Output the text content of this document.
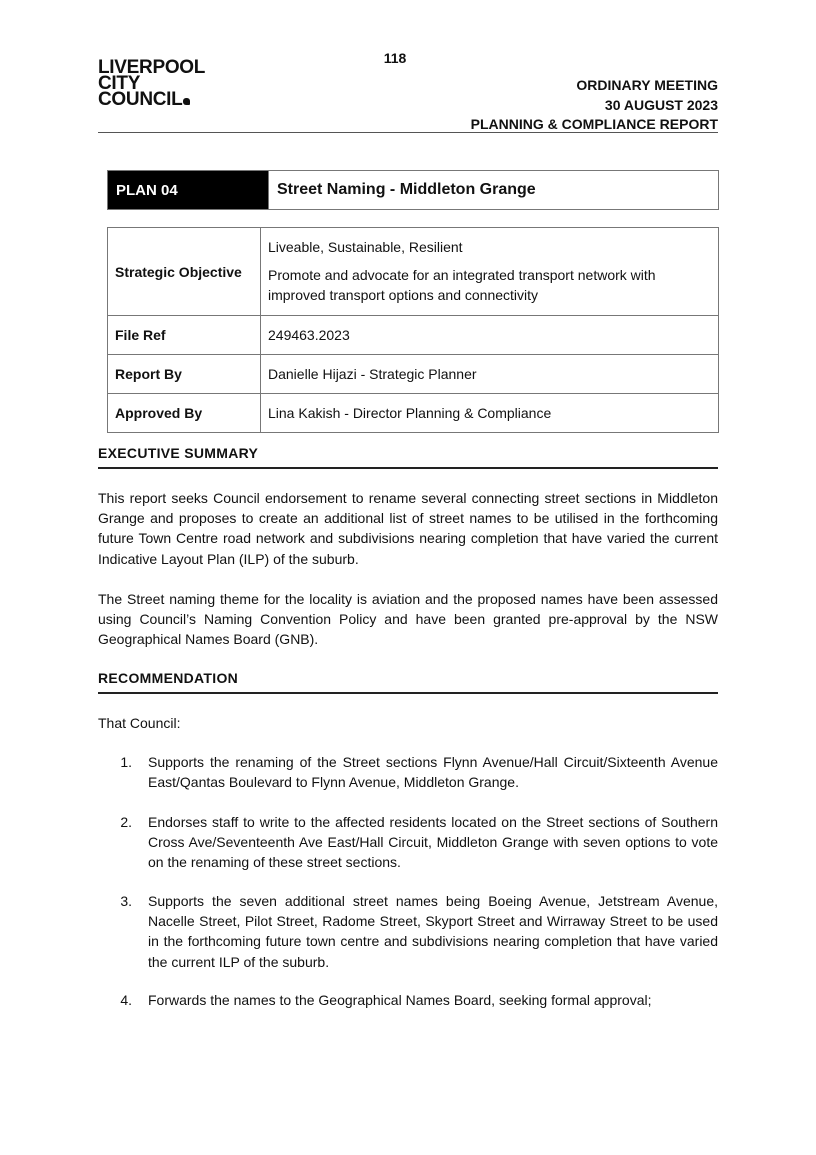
118
LIVERPOOL
CITY
COUNCIL
ORDINARY MEETING
30 AUGUST 2023
PLANNING & COMPLIANCE REPORT
PLAN 04	Street Naming - Middleton Grange
Strategic Objective	Liveable, Sustainable, Resilient

Promote and advocate for an integrated transport network with improved transport options and connectivity

File Ref	249463.2023
Report By	Danielle Hijazi - Strategic Planner
Approved By	Lina Kakish - Director Planning & Compliance
EXECUTIVE SUMMARY

This report seeks Council endorsement to rename several connecting street sections in Middleton Grange and proposes to create an additional list of street names to be utilised in the forthcoming future Town Centre road network and subdivisions nearing completion that have varied the current Indicative Layout Plan (ILP) of the suburb.

The Street naming theme for the locality is aviation and the proposed names have been assessed using Council’s Naming Convention Policy and have been granted pre-approval by the NSW Geographical Names Board (GNB).

RECOMMENDATION

That Council:

1.	Supports the renaming of the Street sections Flynn Avenue/Hall Circuit/Sixteenth Avenue East/Qantas Boulevard to Flynn Avenue, Middleton Grange.
2.	Endorses staff to write to the affected residents located on the Street sections of Southern Cross Ave/Seventeenth Ave East/Hall Circuit, Middleton Grange with seven options to vote on the renaming of these street sections.
3.	Supports the seven additional street names being Boeing Avenue, Jetstream Avenue, Nacelle Street, Pilot Street, Radome Street, Skyport Street and Wirraway Street to be used in the forthcoming future town centre and subdivisions nearing completion that have varied the current ILP of the suburb.
4.	Forwards the names to the Geographical Names Board, seeking formal approval;
